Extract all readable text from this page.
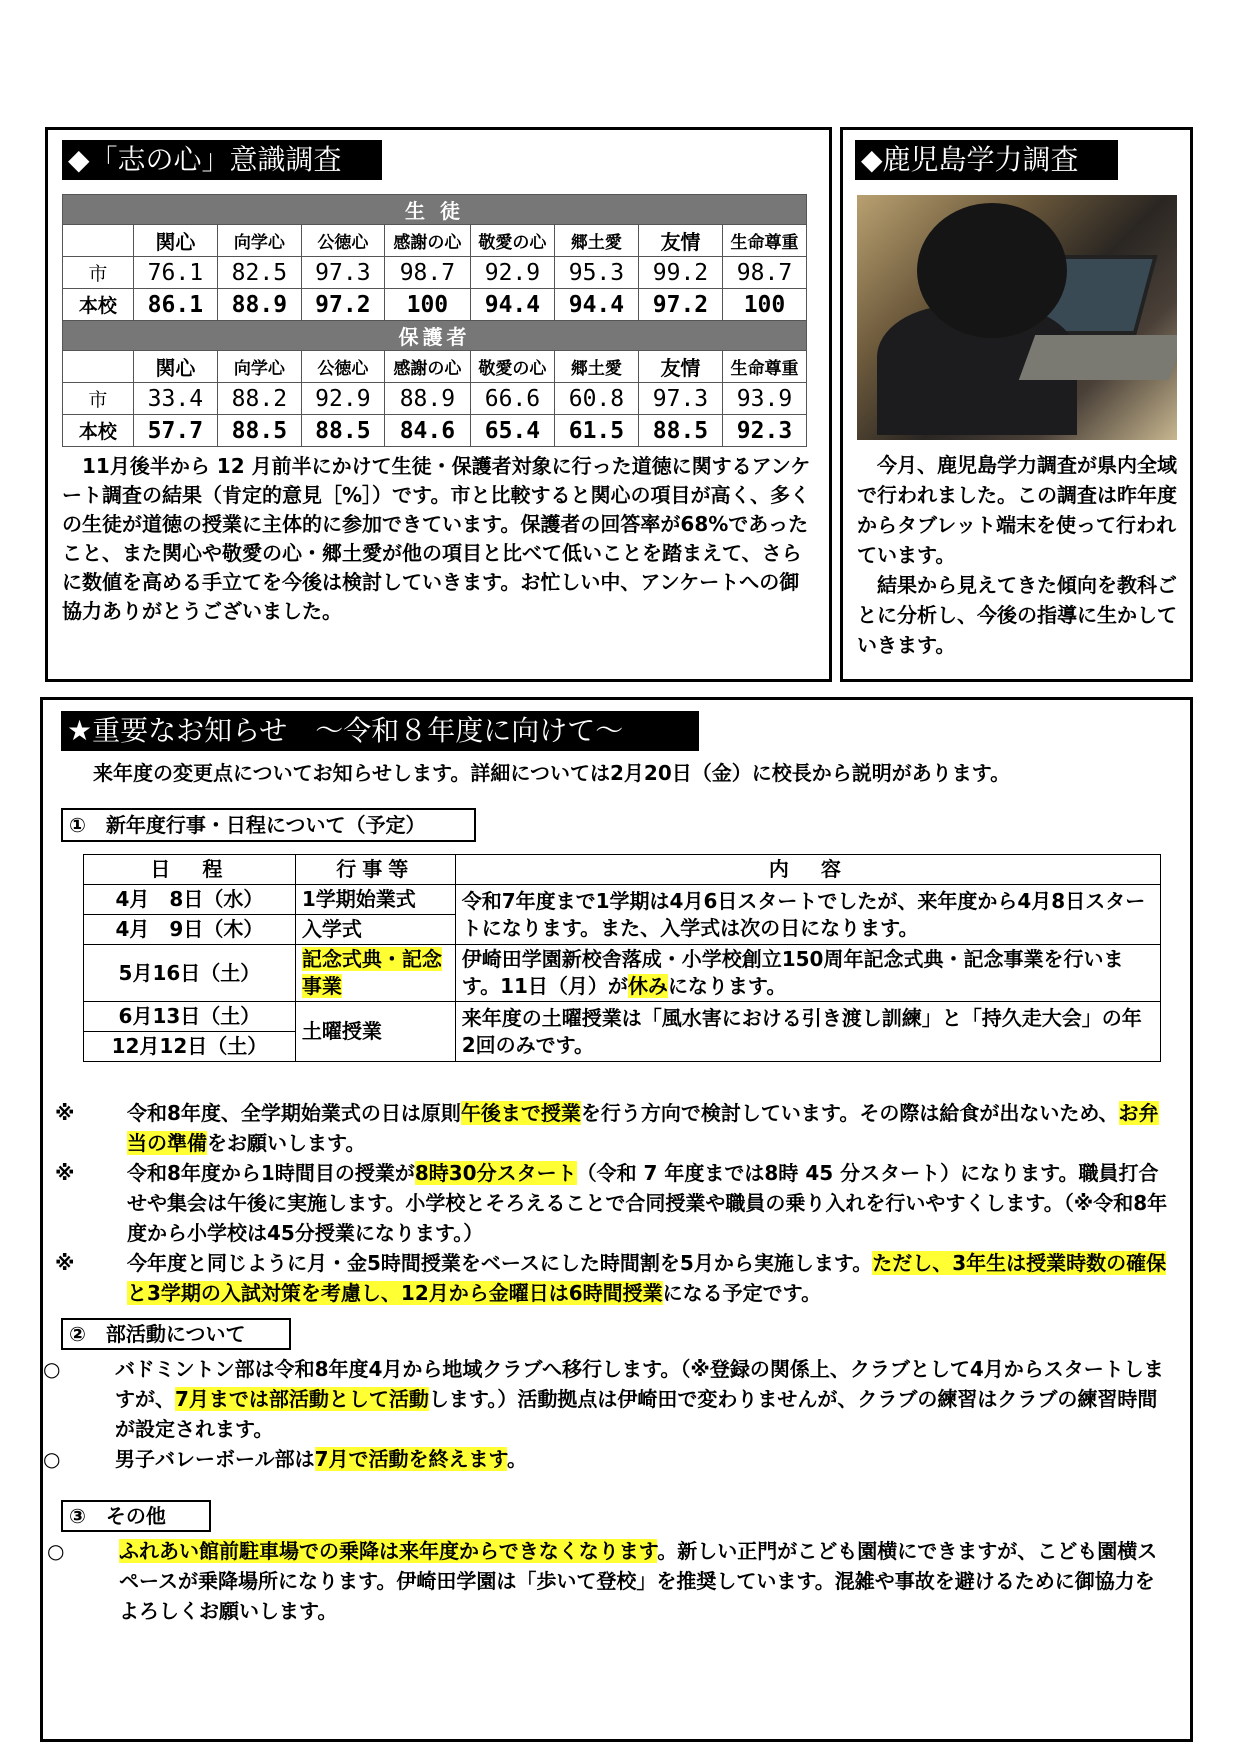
◆「志の心」意識調査
生 徒								
	関心	向学心	公徳心	感謝の心	敬愛の心	郷土愛	友情	生命尊重
市	76.1	82.5	97.3	98.7	92.9	95.3	99.2	98.7
本校	86.1	88.9	97.2	100	94.4	94.4	97.2	100
保護者								
	関心	向学心	公徳心	感謝の心	敬愛の心	郷土愛	友情	生命尊重
市	33.4	88.2	92.9	88.9	66.6	60.8	97.3	93.9
本校	57.7	88.5	88.5	84.6	65.4	61.5	88.5	92.3
　11月後半から 12 月前半にかけて生徒・保護者対象に行った道徳に関するアンケート調査の結果（肯定的意見［%］）です。市と比較すると関心の項目が高く、多くの生徒が道徳の授業に主体的に参加できています。保護者の回答率が68%であったこと、また関心や敬愛の心・郷土愛が他の項目と比べて低いことを踏まえて、さらに数値を高める手立てを今後は検討していきます。お忙しい中、アンケートへの御協力ありがとうございました。
◆鹿児島学力調査
　今月、鹿児島学力調査が県内全域で行われました。この調査は昨年度からタブレット端末を使って行われています。
　結果から見えてきた傾向を教科ごとに分析し、今後の指導に生かしていきます。
★重要なお知らせ　～令和８年度に向けて～
　来年度の変更点についてお知らせします。詳細については2月20日（金）に校長から説明があります。
①　新年度行事・日程について（予定）
日　程	行事等	内　容
4月　8日（水）	1学期始業式	令和7年度まで1学期は4月6日スタートでしたが、来年度から4月8日スタートになります。また、入学式は次の日になります。
4月　9日（木）	入学式	
5月16日（土）	記念式典・記念事業	伊崎田学園新校舎落成・小学校創立150周年記念式典・記念事業を行います。11日（月）が休みになります。
6月13日（土）	土曜授業	来年度の土曜授業は「風水害における引き渡し訓練」と「持久走大会」の年2回のみです。
12月12日（土）		
※	令和8年度、全学期始業式の日は原則午後まで授業を行う方向で検討しています。その際は給食が出ないため、お弁当の準備をお願いします。
※	令和8年度から1時間目の授業が8時30分スタート（令和 7 年度までは8時 45 分スタート）になります。職員打合せや集会は午後に実施します。小学校とそろえることで合同授業や職員の乗り入れを行いやすくします。（※令和8年度から小学校は45分授業になります。）
※	今年度と同じように月・金5時間授業をベースにした時間割を5月から実施します。ただし、3年生は授業時数の確保と3学期の入試対策を考慮し、12月から金曜日は6時間授業になる予定です。
②　部活動について
○	バドミントン部は令和8年度4月から地域クラブへ移行します。（※登録の関係上、クラブとして4月からスタートしますが、7月までは部活動として活動します。）活動拠点は伊崎田で変わりませんが、クラブの練習はクラブの練習時間が設定されます。
○	男子バレーボール部は7月で活動を終えます。
③　その他
○	ふれあい館前駐車場での乗降は来年度からできなくなります。新しい正門がこども園横にできますが、こども園横スペースが乗降場所になります。伊崎田学園は「歩いて登校」を推奨しています。混雑や事故を避けるために御協力をよろしくお願いします。
